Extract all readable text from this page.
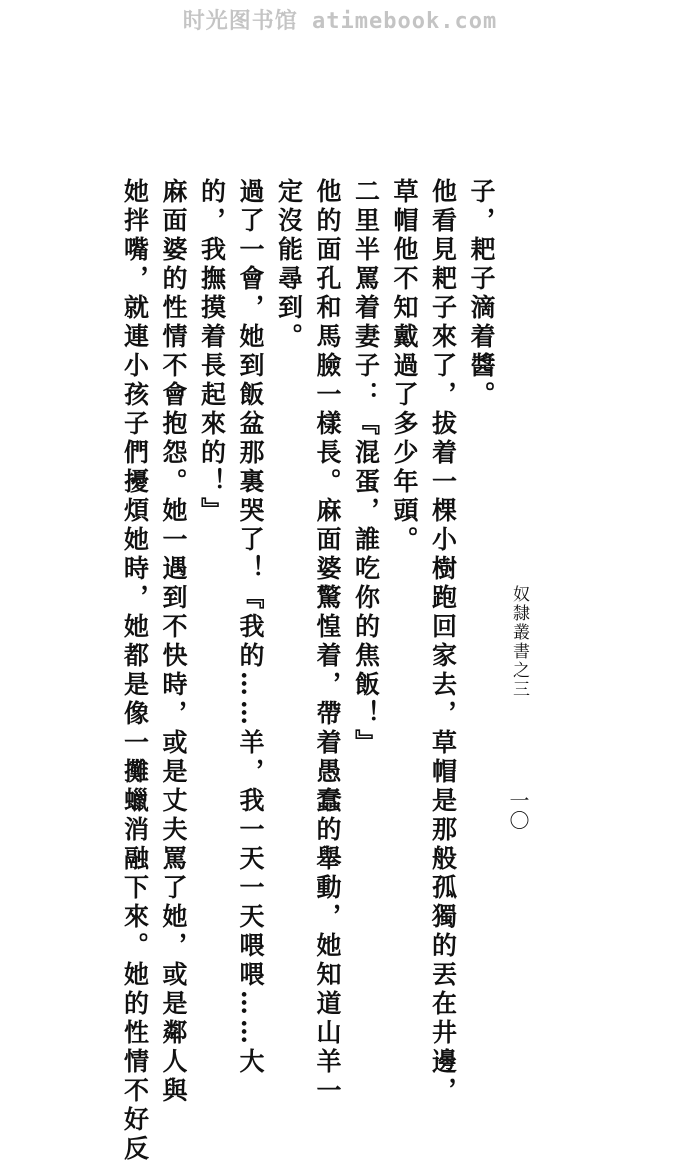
时光图书馆 atimebook.com
奴隸叢書之三
一〇

子，耙子滴着醬。

他看見耙子來了，拔着一棵小樹跑回家去，草帽是那般孤獨的丟在井邊，

草帽他不知戴過了多少年頭。

二里半罵着妻子：『混蛋，誰吃你的焦飯！』

他的面孔和馬臉一樣長。麻面婆驚惶着，帶着愚蠢的舉動，她知道山羊一

定沒能尋到。

過了一會，她到飯盆那裏哭了！『我的……羊，我一天一天喂喂……大

的，我撫摸着長起來的！』

麻面婆的性情不會抱怨。她一遇到不快時，或是丈夫罵了她，或是鄰人與

她拌嘴，就連小孩子們擾煩她時，她都是像一攤蠟消融下來。她的性情不好反
